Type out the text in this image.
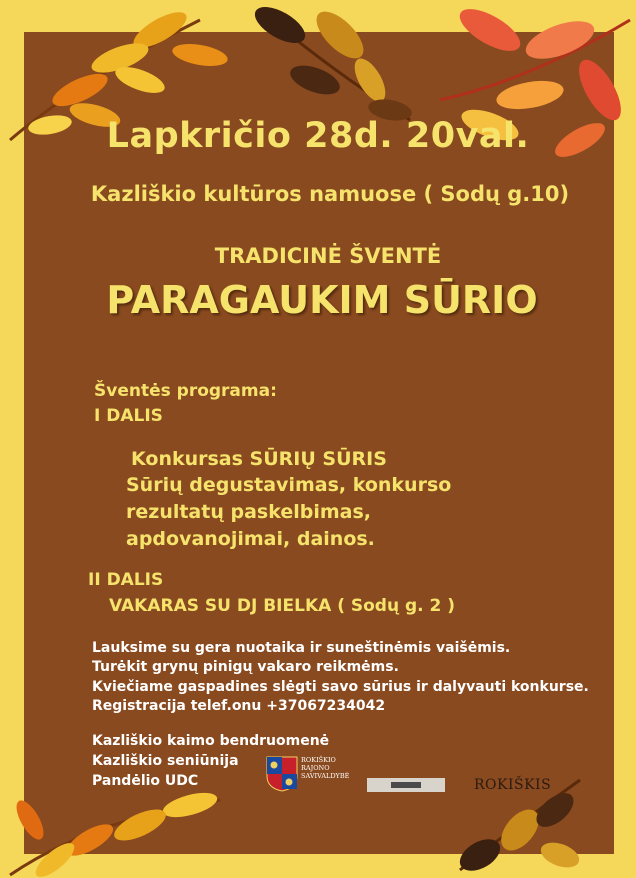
Lapkričio 28d. 20val.
Kazliškio kultūros namuose ( Sodų g.10)
TRADICINĖ ŠVENTĖ
PARAGAUKIM SŪRIO
Šventės programa:
I DALIS
Konkursas SŪRIŲ SŪRIS
Sūrių degustavimas, konkurso
rezultatų paskelbimas,
apdovanojimai, dainos.
II DALIS
VAKARAS SU DJ BIELKA ( Sodų g. 2 )
Lauksime su gera nuotaika ir suneštinėmis vaišėmis.
Turėkit grynų pinigų vakaro reikmėms.
Kviečiame gaspadines slėgti savo sūrius ir dalyvauti konkurse.
Registracija telef.onu +37067234042
Kazliškio kaimo bendruomenė
Kazliškio seniūnija
Pandėlio UDC
ROKIŠKIO
RAJONO
SAVIVALDYBĖ
ROKIŠKIS
